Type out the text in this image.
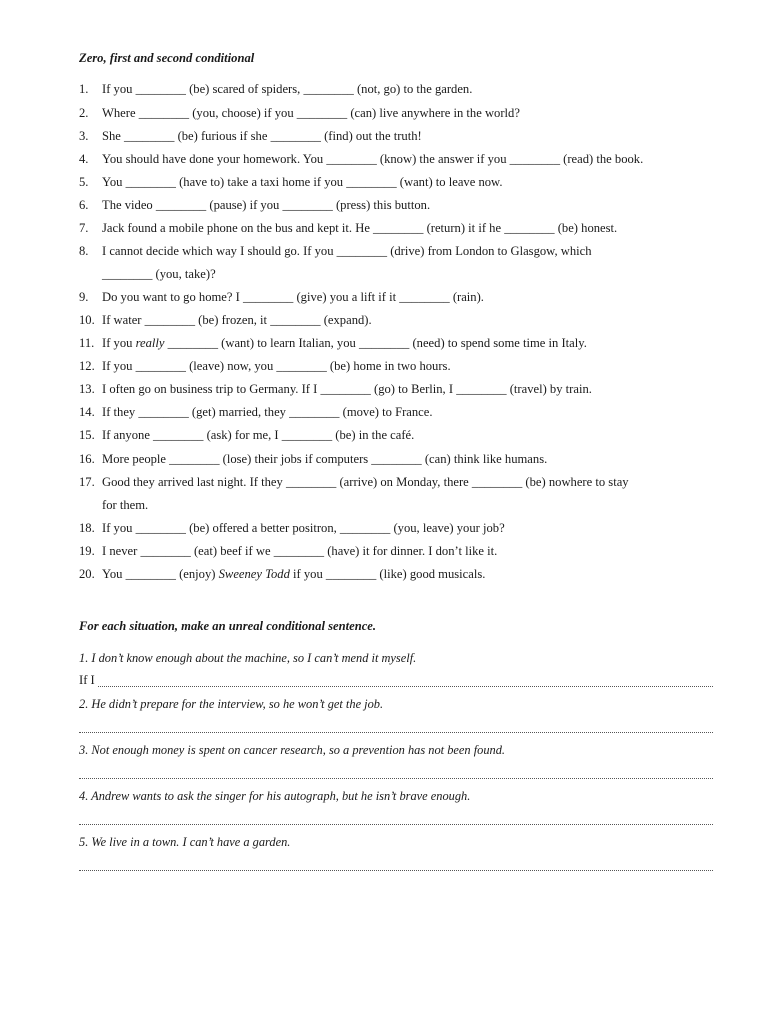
Zero, first and second conditional
1. If you ________ (be) scared of spiders, ________ (not, go) to the garden.
2. Where ________ (you, choose) if you ________ (can) live anywhere in the world?
3. She ________ (be) furious if she ________ (find) out the truth!
4. You should have done your homework. You ________ (know) the answer if you ________ (read) the book.
5. You ________ (have to) take a taxi home if you ________ (want) to leave now.
6. The video ________ (pause) if you ________ (press) this button.
7. Jack found a mobile phone on the bus and kept it. He ________ (return) it if he ________ (be) honest.
8. I cannot decide which way I should go. If you ________ (drive) from London to Glasgow, which
________ (you, take)?
9. Do you want to go home? I ________ (give) you a lift if it ________ (rain).
10. If water ________ (be) frozen, it ________ (expand).
11. If you really ________ (want) to learn Italian, you ________ (need) to spend some time in Italy.
12. If you ________ (leave) now, you ________ (be) home in two hours.
13. I often go on business trip to Germany. If I ________ (go) to Berlin, I ________ (travel) by train.
14. If they ________ (get) married, they ________ (move) to France.
15. If anyone ________ (ask) for me, I ________ (be) in the café.
16. More people ________ (lose) their jobs if computers ________ (can) think like humans.
17. Good they arrived last night. If they ________ (arrive) on Monday, there ________ (be) nowhere to stay
for them.
18. If you ________ (be) offered a better positron, ________ (you, leave) your job?
19. I never ________ (eat) beef if we ________ (have) it for dinner. I don’t like it.
20. You ________ (enjoy) Sweeney Todd if you ________ (like) good musicals.
For each situation, make an unreal conditional sentence.
1. I don’t know enough about the machine, so I can’t mend it myself.
If I
2. He didn’t prepare for the interview, so he won’t get the job.
3. Not enough money is spent on cancer research, so a prevention has not been found.
4. Andrew wants to ask the singer for his autograph, but he isn’t brave enough.
5. We live in a town. I can’t have a garden.
